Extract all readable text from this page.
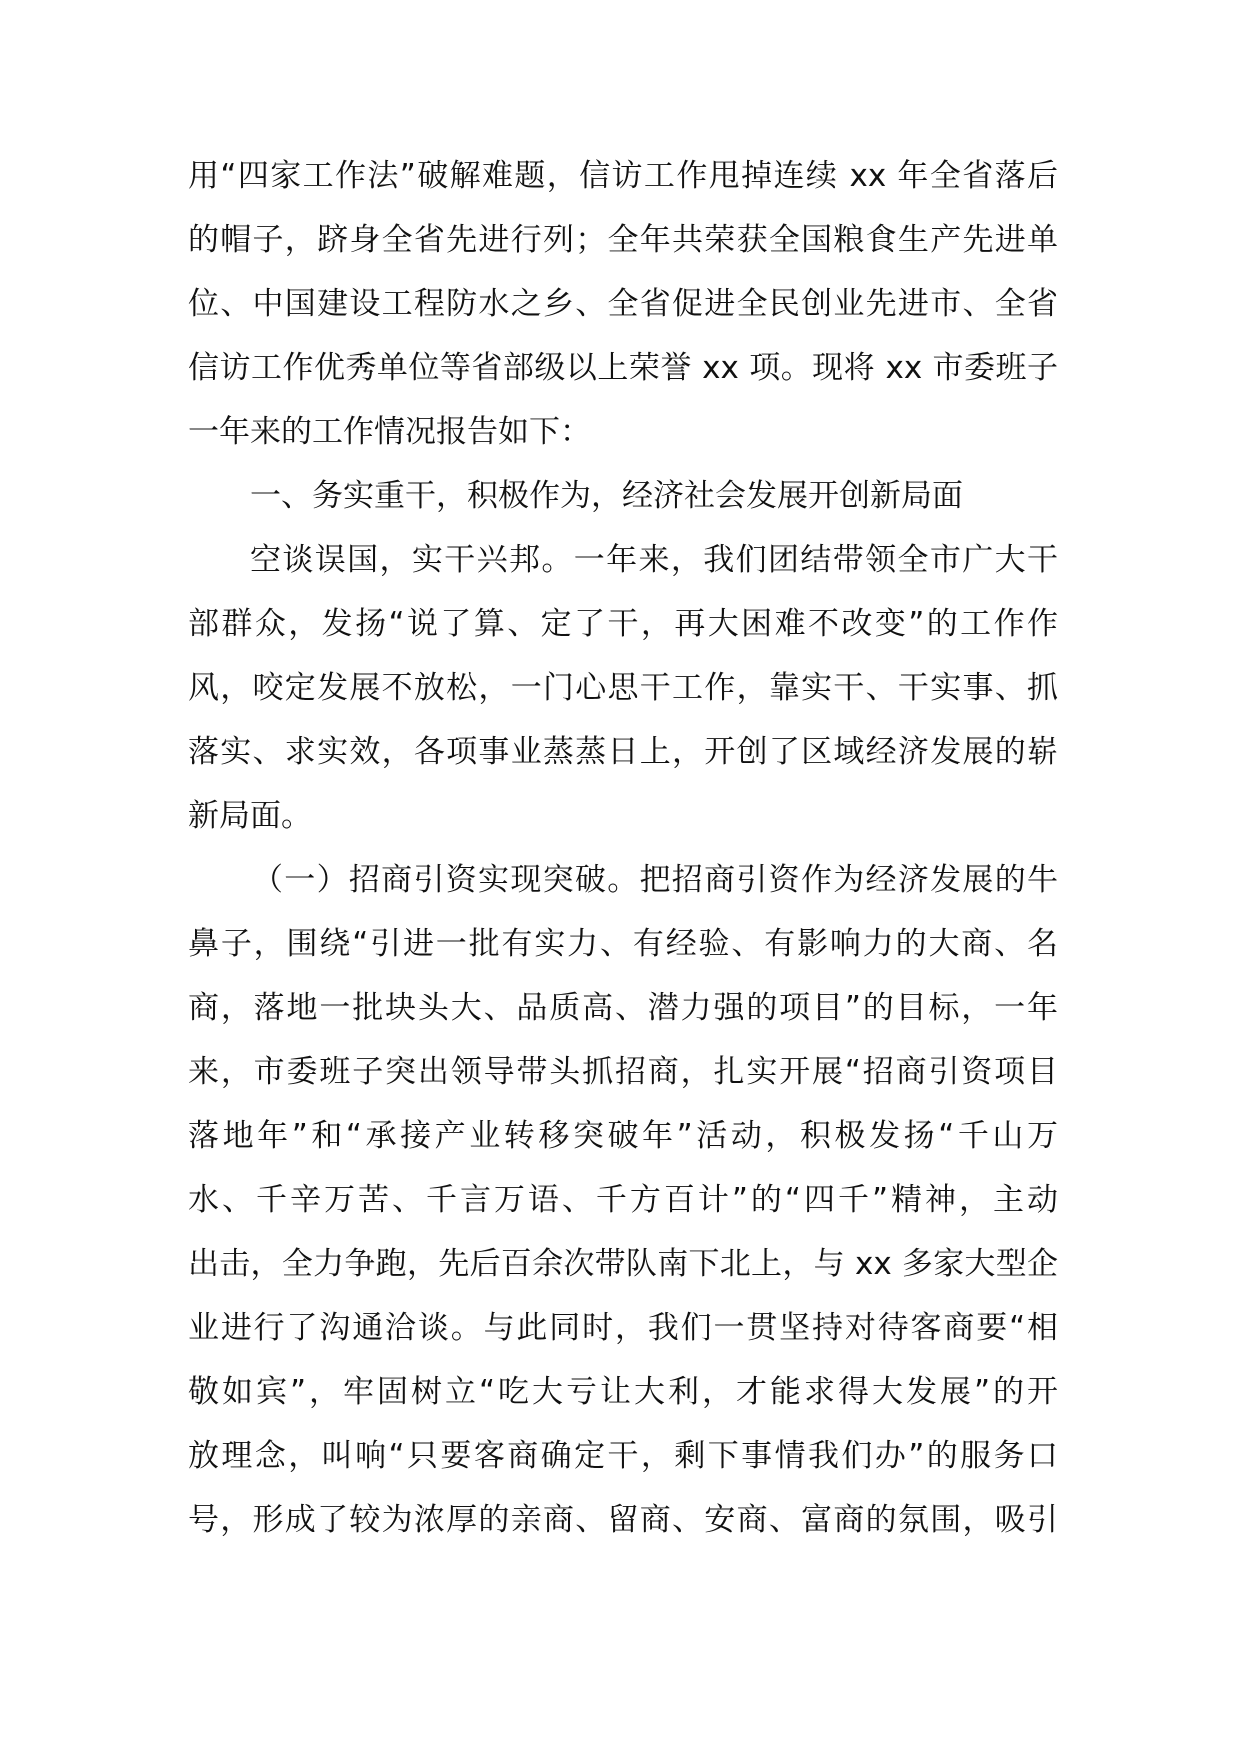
用“四家工作法”破解难题，信访工作甩掉连续 xx 年全省落后
的帽子，跻身全省先进行列；全年共荣获全国粮食生产先进单
位、中国建设工程防水之乡、全省促进全民创业先进市、全省
信访工作优秀单位等省部级以上荣誉 xx 项。现将 xx 市委班子
一年来的工作情况报告如下：
一、务实重干，积极作为，经济社会发展开创新局面
空谈误国，实干兴邦。一年来，我们团结带领全市广大干
部群众，发扬“说了算、定了干，再大困难不改变”的工作作
风，咬定发展不放松，一门心思干工作，靠实干、干实事、抓
落实、求实效，各项事业蒸蒸日上，开创了区域经济发展的崭
新局面。
（一）招商引资实现突破。把招商引资作为经济发展的牛
鼻子，围绕“引进一批有实力、有经验、有影响力的大商、名
商，落地一批块头大、品质高、潜力强的项目”的目标，一年
来，市委班子突出领导带头抓招商，扎实开展“招商引资项目
落地年”和“承接产业转移突破年”活动，积极发扬“千山万
水、千辛万苦、千言万语、千方百计”的“四千”精神，主动
出击，全力争跑，先后百余次带队南下北上，与 xx 多家大型企
业进行了沟通洽谈。与此同时，我们一贯坚持对待客商要“相
敬如宾”，牢固树立“吃大亏让大利，才能求得大发展”的开
放理念，叫响“只要客商确定干，剩下事情我们办”的服务口
号，形成了较为浓厚的亲商、留商、安商、富商的氛围，吸引
